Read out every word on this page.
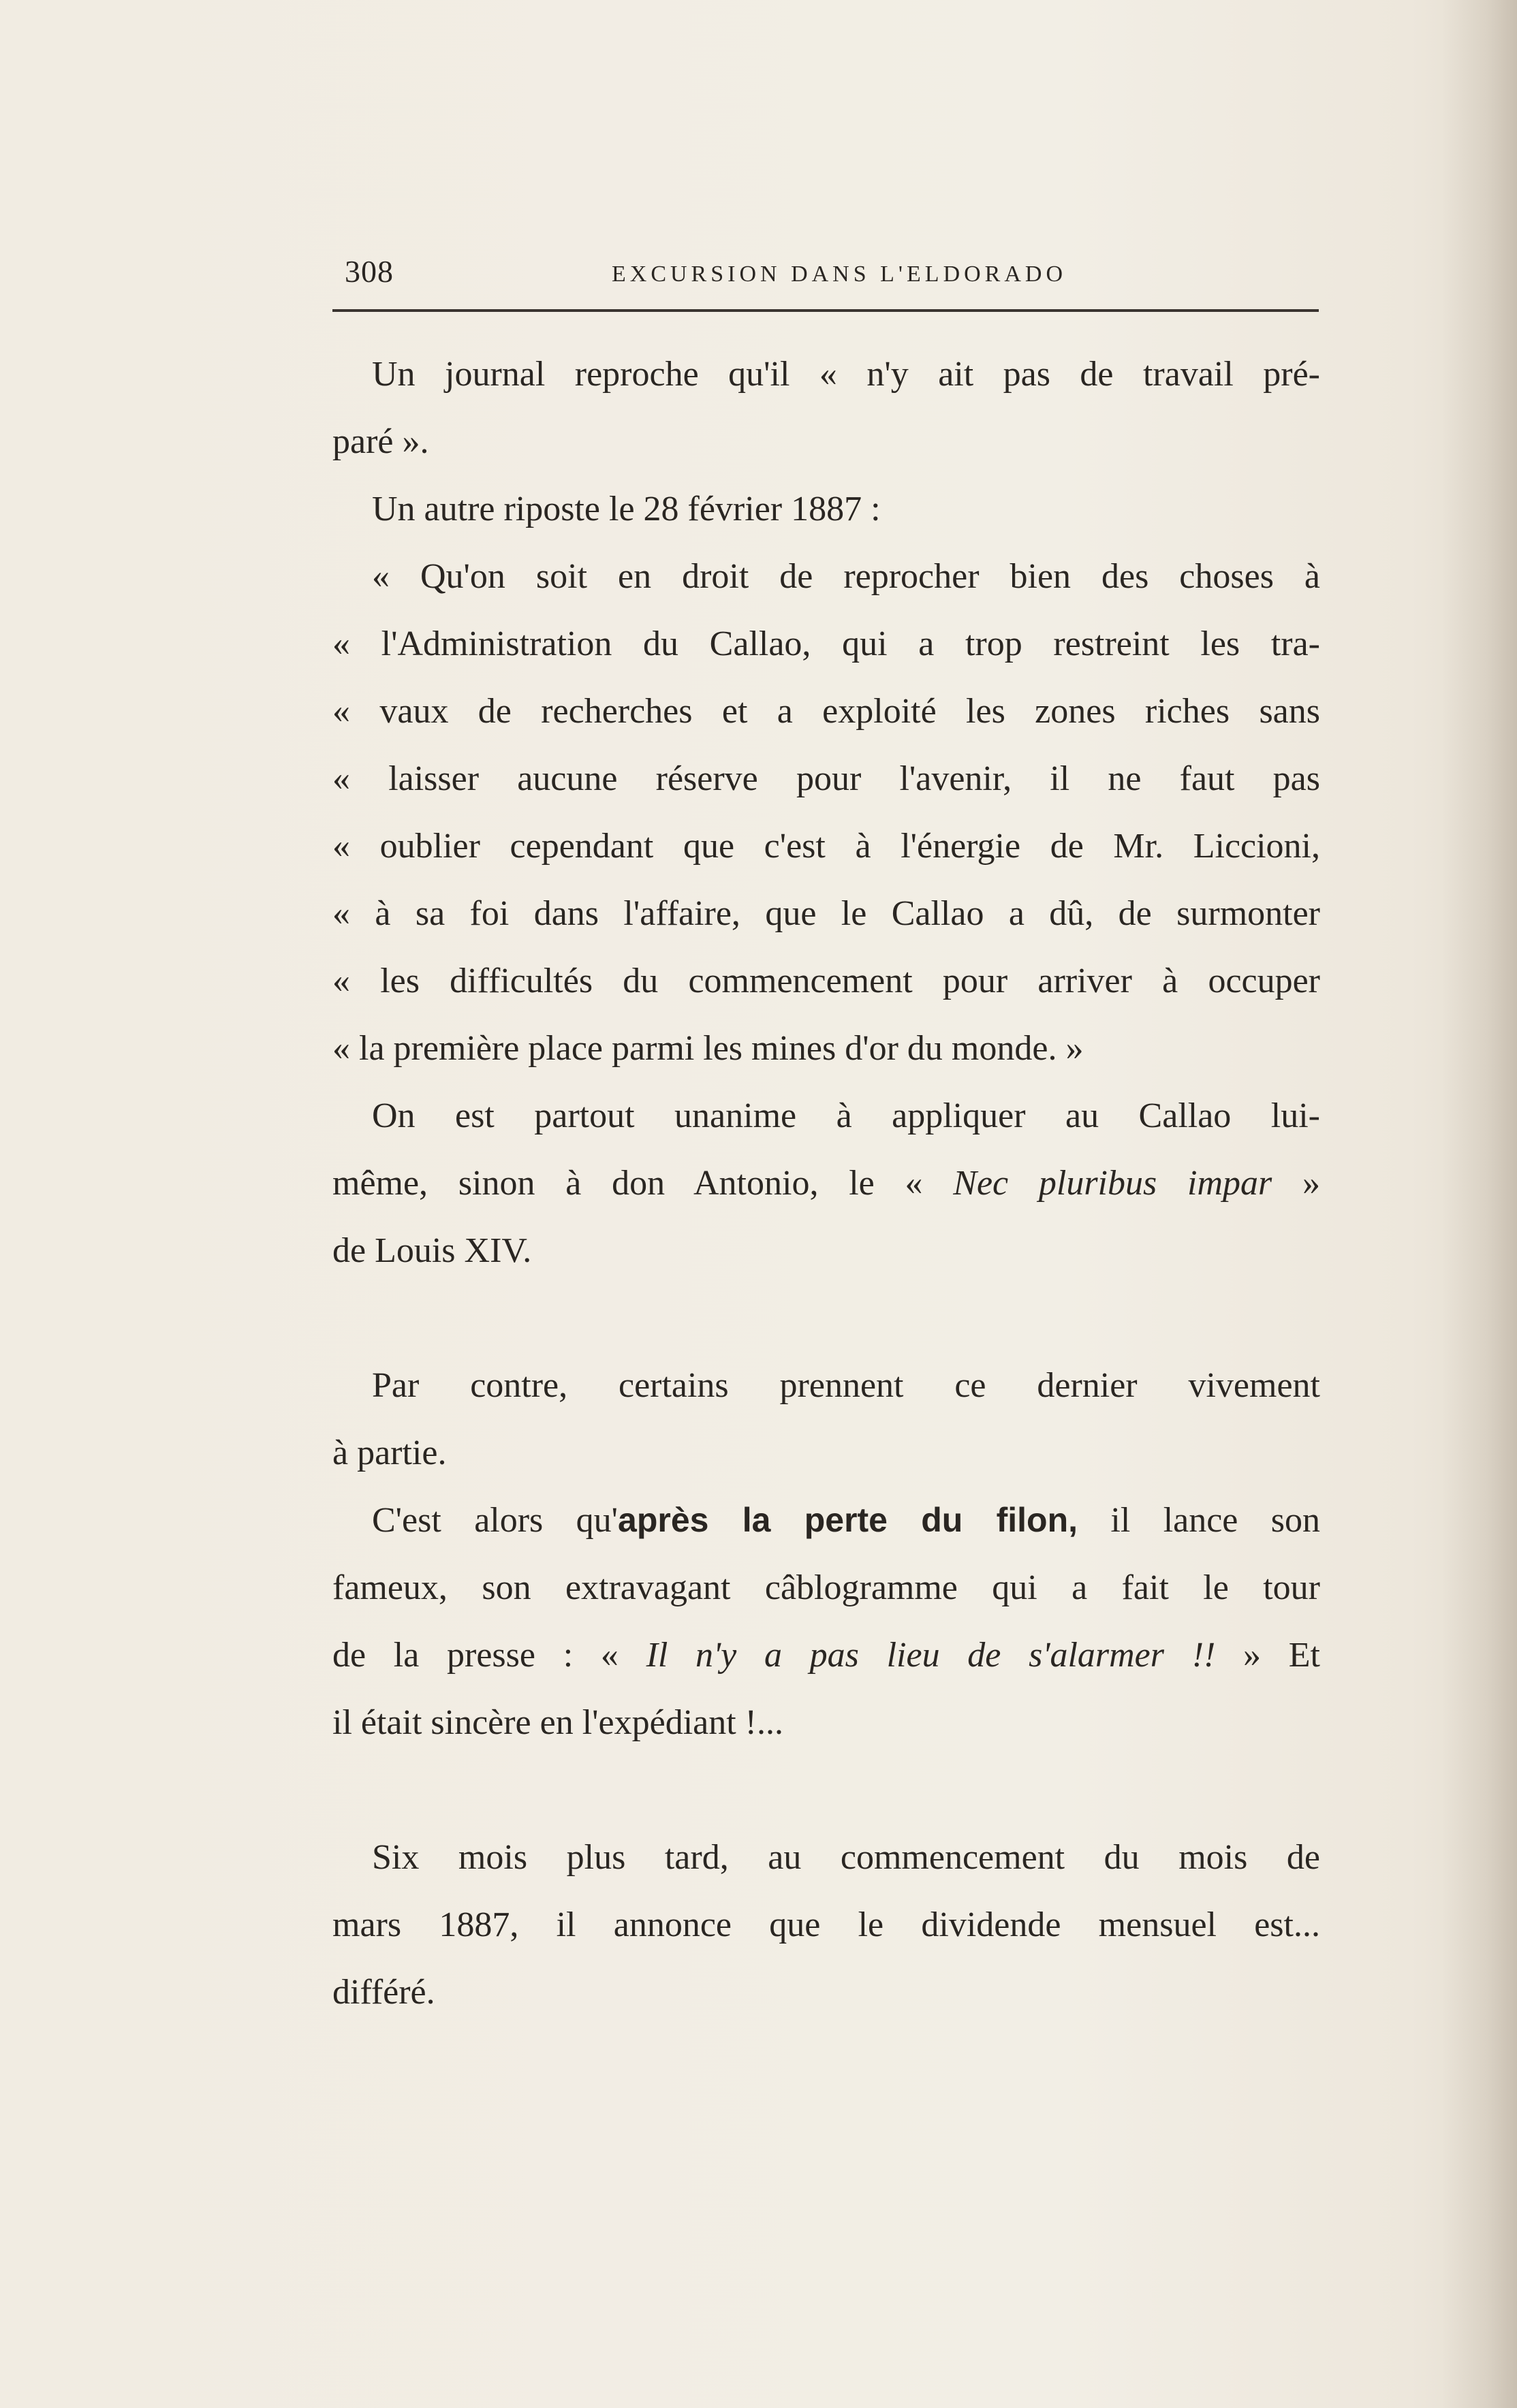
308	EXCURSION DANS L'ELDORADO
Un journal reproche qu'il « n'y ait pas de travail pré-
paré ».
Un autre riposte le 28 février 1887 :
« Qu'on soit en droit de reprocher bien des choses à
« l'Administration du Callao, qui a trop restreint les tra-
« vaux de recherches et a exploité les zones riches sans
« laisser aucune réserve pour l'avenir, il ne faut pas
« oublier cependant que c'est à l'énergie de Mr. Liccioni,
« à sa foi dans l'affaire, que le Callao a dû, de surmonter
« les difficultés du commencement pour arriver à occuper
« la première place parmi les mines d'or du monde. »
On est partout unanime à appliquer au Callao lui-
même, sinon à don Antonio, le « Nec pluribus impar »
de Louis XIV.
Par contre, certains prennent ce dernier vivement
à partie.
C'est alors qu'après la perte du filon, il lance son
fameux, son extravagant câblogramme qui a fait le tour
de la presse : « Il n'y a pas lieu de s'alarmer !! » Et
il était sincère en l'expédiant !...
Six mois plus tard, au commencement du mois de
mars 1887, il annonce que le dividende mensuel est...
différé.
